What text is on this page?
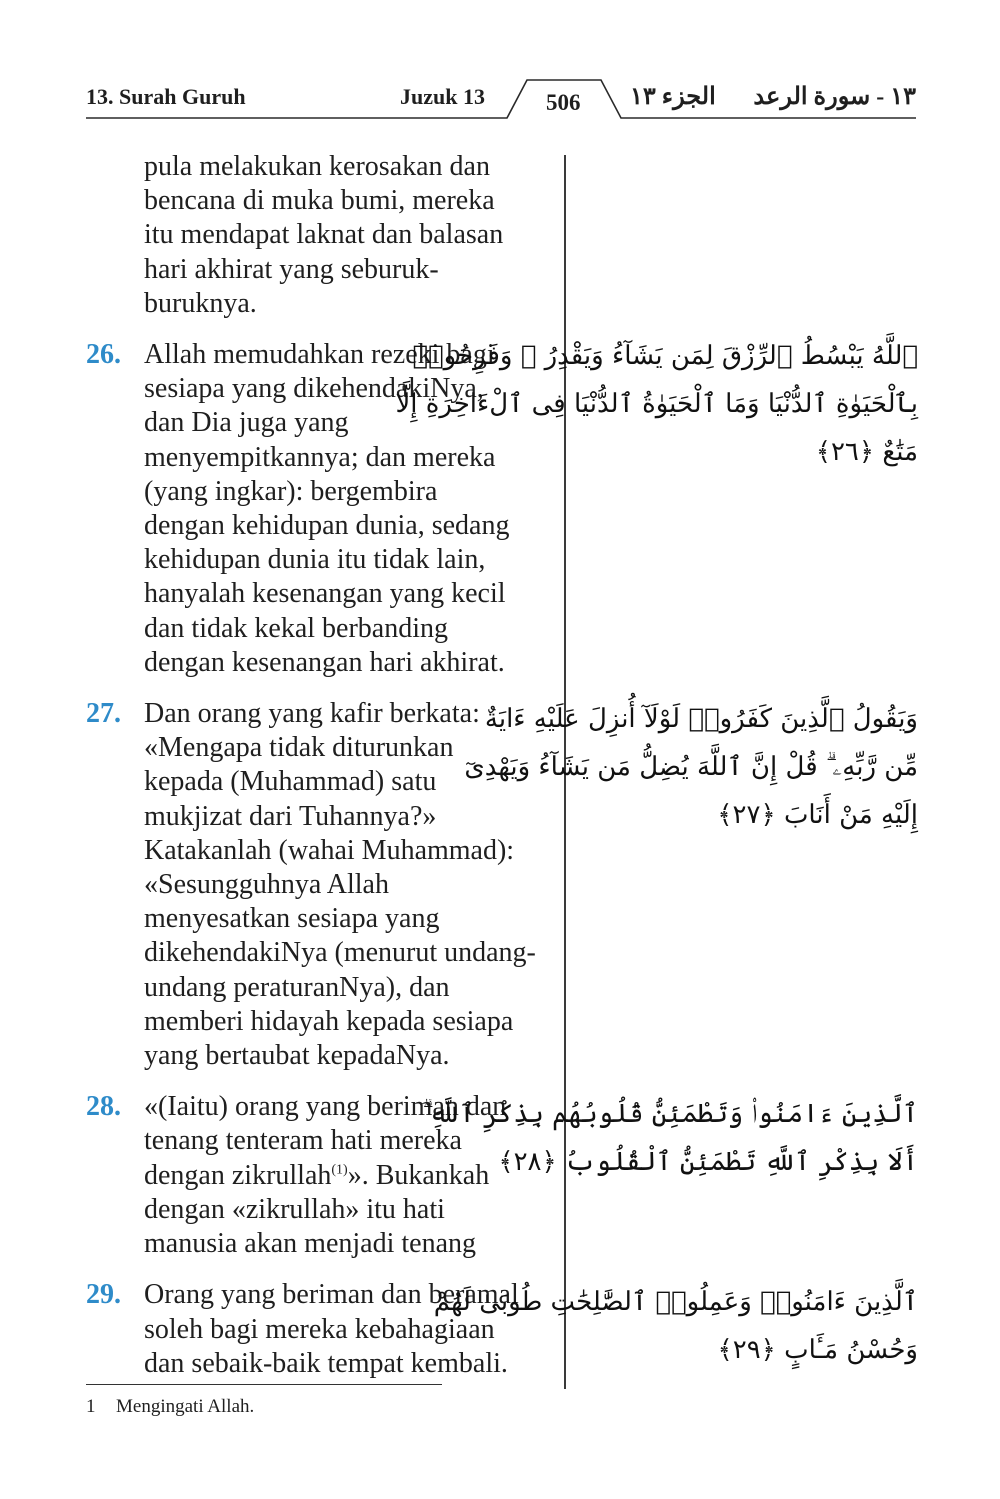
13. Surah Guruh	Juzuk 13	506 الجزء ١٣ ١٣ - سورة الرعد
pula melakukan kerosakan dan
bencana di muka bumi, mereka
itu mendapat laknat dan balasan
hari akhirat yang seburuk-
buruknya.
26. Allah memudahkan rezeki bagi
sesiapa yang dikehendakiNya,
dan Dia juga yang
menyempitkannya; dan mereka
(yang ingkar): bergembira
dengan kehidupan dunia, sedang
kehidupan dunia itu tidak lain,
hanyalah kesenangan yang kecil
dan tidak kekal berbanding
dengan kesenangan hari akhirat.
27. Dan orang yang kafir berkata:
«Mengapa tidak diturunkan
kepada (Muhammad) satu
mukjizat dari Tuhannya?»
Katakanlah (wahai Muhammad):
«Sesungguhnya Allah
menyesatkan sesiapa yang
dikehendakiNya (menurut undang-
undang peraturanNya), dan
memberi hidayah kepada sesiapa
yang bertaubat kepadaNya.
28. «(Iaitu) orang yang beriman dan
tenang tenteram hati mereka
dengan zikrullah$^{(1)}$». Bukankah
dengan «zikrullah» itu hati
manusia akan menjadi tenang
29. Orang yang beriman dan beramal
soleh bagi mereka kebahagiaan
dan sebaik-baik tempat kembali.
ٱللَّهُ يَبْسُطُ ٱلرِّزْقَ لِمَن يَشَآءُ وَيَقْدِرُ ۚ وَفَرِحُوا۟
بِٱلْحَيَوٰةِ ٱلدُّنْيَا وَمَا ٱلْحَيَوٰةُ ٱلدُّنْيَا فِى ٱلْءَاخِرَةِ إِلَّا
مَتَٰعٌ ﴿٢٦﴾
وَيَقُولُ ٱلَّذِينَ كَفَرُوا۟ لَوْلَآ أُنزِلَ عَلَيْهِ ءَايَةٌ
مِّن رَّبِّهِۦ ۗ قُلْ إِنَّ ٱللَّهَ يُضِلُّ مَن يَشَآءُ وَيَهْدِىٓ
إِلَيْهِ مَنْ أَنَابَ ﴿٢٧﴾
ٱلَّذِينَ ءَامَنُوا۟ وَتَطْمَئِنُّ قُلُوبُهُم بِذِكْرِ ٱللَّهِ ۗ
أَلَا بِذِكْرِ ٱللَّهِ تَطْمَئِنُّ ٱلْقُلُوبُ ﴿٢٨﴾
ٱلَّذِينَ ءَامَنُوا۟ وَعَمِلُوا۟ ٱلصَّٰلِحَٰتِ طُوبَىٰ لَهُمْ
وَحُسْنُ مَـَٔابٍ ﴿٢٩﴾
1 Mengingati Allah.
